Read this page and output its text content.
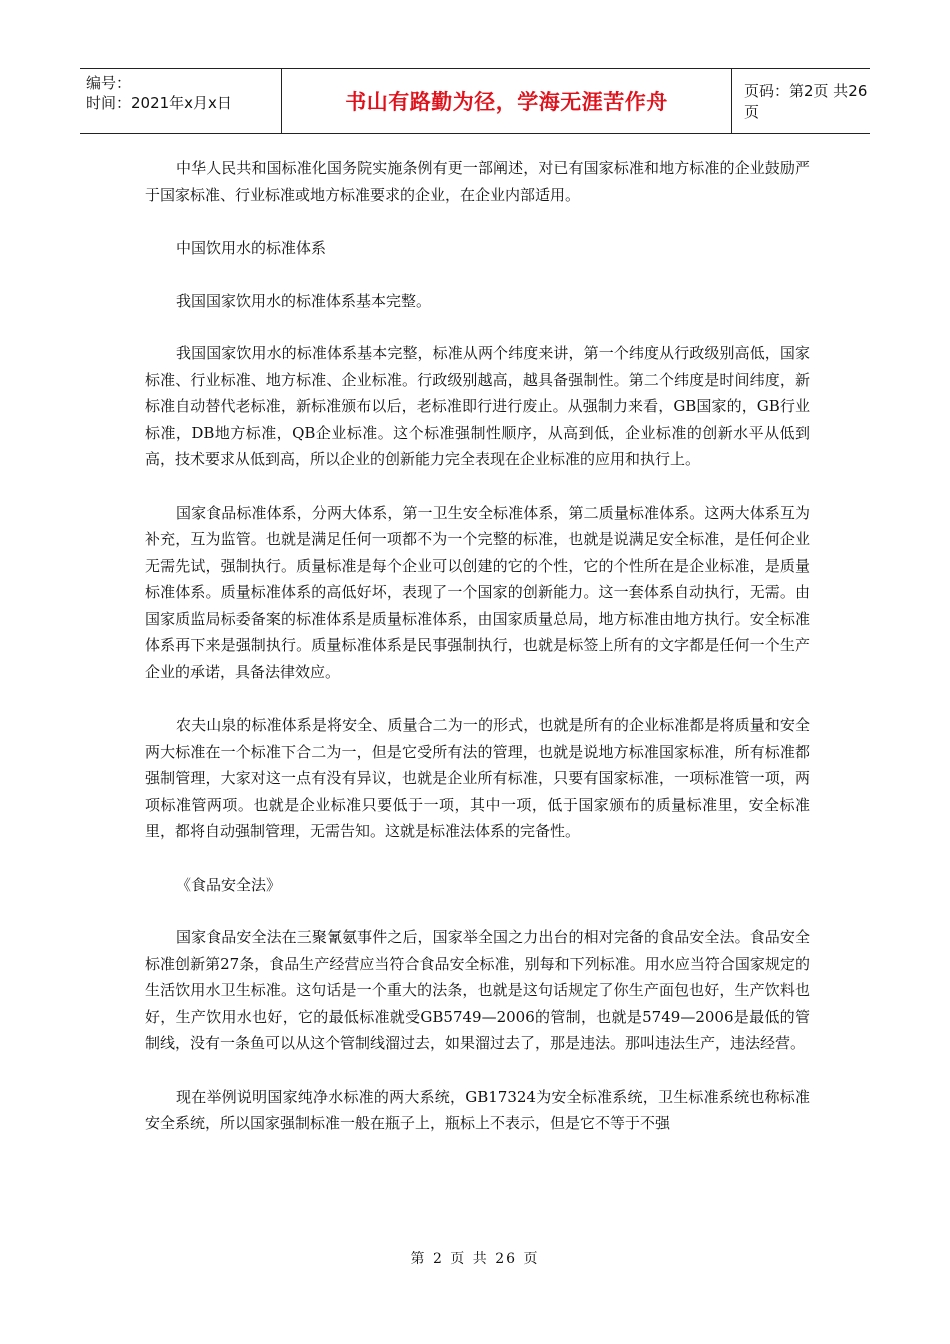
编号：
时间：2021年x月x日	书山有路勤为径，学海无涯苦作舟	页码：第2页 共26页

中华人民共和国标准化国务院实施条例有更一部阐述，对已有国家标准和地方标准的企业鼓励严于国家标准、行业标准或地方标准要求的企业，在企业内部适用。

中国饮用水的标准体系

我国国家饮用水的标准体系基本完整。

我国国家饮用水的标准体系基本完整，标准从两个纬度来讲，第一个纬度从行政级别高低，国家标准、行业标准、地方标准、企业标准。行政级别越高，越具备强制性。第二个纬度是时间纬度，新标准自动替代老标准，新标准颁布以后，老标准即行进行废止。从强制力来看，GB国家的，GB行业标准，DB地方标准，QB企业标准。这个标准强制性顺序，从高到低，企业标准的创新水平从低到高，技术要求从低到高，所以企业的创新能力完全表现在企业标准的应用和执行上。

国家食品标准体系，分两大体系，第一卫生安全标准体系，第二质量标准体系。这两大体系互为补充，互为监管。也就是满足任何一项都不为一个完整的标准，也就是说满足安全标准，是任何企业无需先试，强制执行。质量标准是每个企业可以创建的它的个性，它的个性所在是企业标准，是质量标准体系。质量标准体系的高低好坏，表现了一个国家的创新能力。这一套体系自动执行，无需。由国家质监局标委备案的标准体系是质量标准体系，由国家质量总局，地方标准由地方执行。安全标准体系再下来是强制执行。质量标准体系是民事强制执行，也就是标签上所有的文字都是任何一个生产企业的承诺，具备法律效应。

农夫山泉的标准体系是将安全、质量合二为一的形式，也就是所有的企业标准都是将质量和安全两大标准在一个标准下合二为一，但是它受所有法的管理，也就是说地方标准国家标准，所有标准都强制管理，大家对这一点有没有异议，也就是企业所有标准，只要有国家标准，一项标准管一项，两项标准管两项。也就是企业标准只要低于一项，其中一项，低于国家颁布的质量标准里，安全标准里，都将自动强制管理，无需告知。这就是标准法体系的完备性。

《食品安全法》

国家食品安全法在三聚氰氨事件之后，国家举全国之力出台的相对完备的食品安全法。食品安全标准创新第27条，食品生产经营应当符合食品安全标准，别每和下列标准。用水应当符合国家规定的生活饮用水卫生标准。这句话是一个重大的法条，也就是这句话规定了你生产面包也好，生产饮料也好，生产饮用水也好，它的最低标准就受GB5749—2006的管制，也就是5749—2006是最低的管制线，没有一条鱼可以从这个管制线溜过去，如果溜过去了，那是违法。那叫违法生产，违法经营。

现在举例说明国家纯净水标准的两大系统，GB17324为安全标准系统，卫生标准系统也称标准安全系统，所以国家强制标准一般在瓶子上，瓶标上不表示，但是它不等于不强

第 2 页 共 26 页
